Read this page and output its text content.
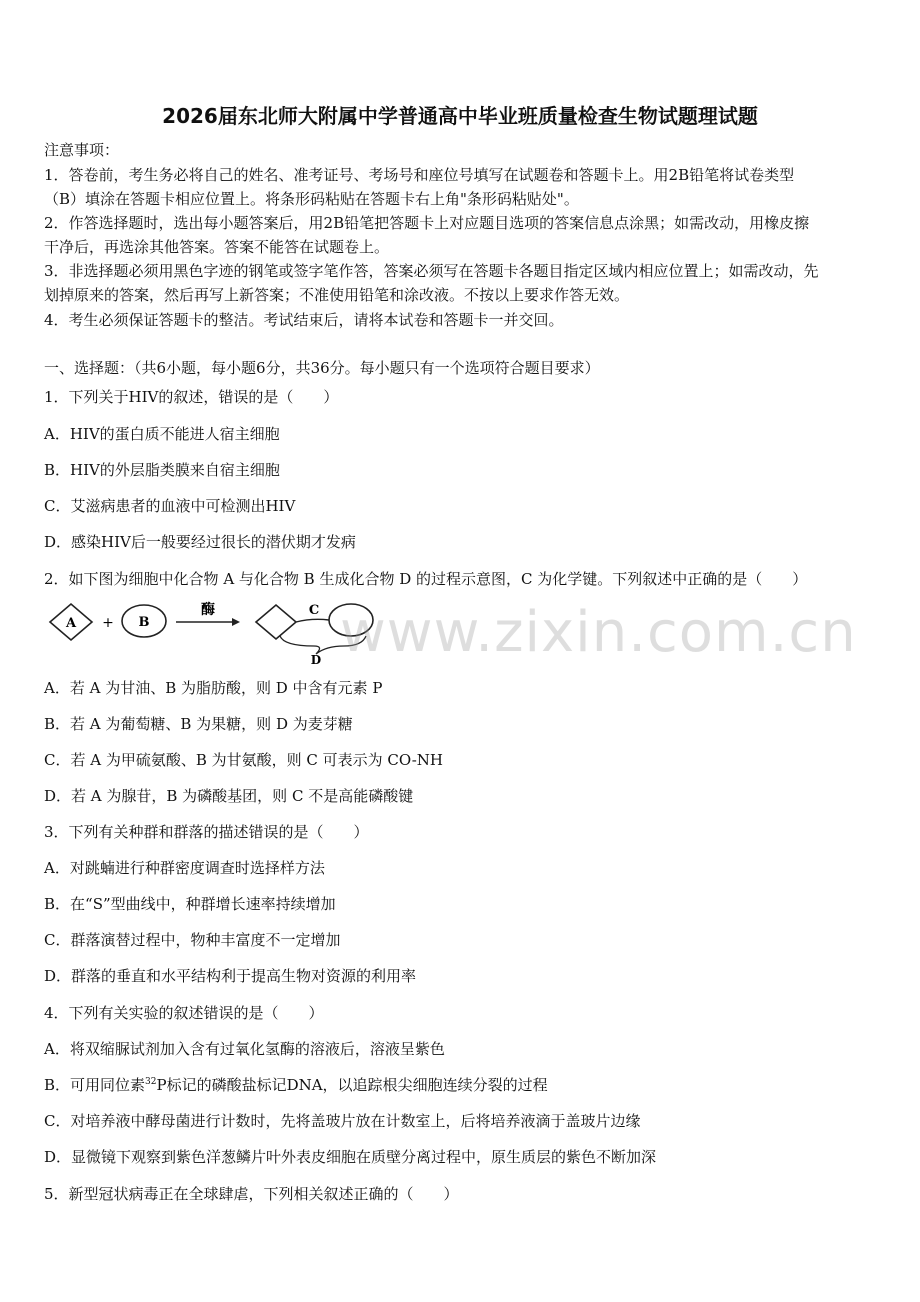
2026届东北师大附属中学普通高中毕业班质量检查生物试题理试题
注意事项：
1．答卷前，考生务必将自己的姓名、准考证号、考场号和座位号填写在试题卷和答题卡上。用2B铅笔将试卷类型
（B）填涂在答题卡相应位置上。将条形码粘贴在答题卡右上角"条形码粘贴处"。
2．作答选择题时，选出每小题答案后，用2B铅笔把答题卡上对应题目选项的答案信息点涂黑；如需改动，用橡皮擦
干净后，再选涂其他答案。答案不能答在试题卷上。
3．非选择题必须用黑色字迹的钢笔或签字笔作答，答案必须写在答题卡各题目指定区域内相应位置上；如需改动，先
划掉原来的答案，然后再写上新答案；不准使用铅笔和涂改液。不按以上要求作答无效。
4．考生必须保证答题卡的整洁。考试结束后，请将本试卷和答题卡一并交回。
一、选择题：（共6小题，每小题6分，共36分。每小题只有一个选项符合题目要求）
1．下列关于HIV的叙述，错误的是（　　）
A．HIV的蛋白质不能进人宿主细胞
B．HIV的外层脂类膜来自宿主细胞
C．艾滋病患者的血液中可检测出HIV
D．感染HIV后一般要经过很长的潜伏期才发病
2．如下图为细胞中化合物 A 与化合物 B 生成化合物 D 的过程示意图，C 为化学键。下列叙述中正确的是（　　）
A + B
酶	C
D www.zixin.com.cn
A．若 A 为甘油、B 为脂肪酸，则 D 中含有元素 P
B．若 A 为葡萄糖、B 为果糖，则 D 为麦芽糖
C．若 A 为甲硫氨酸、B 为甘氨酸，则 C 可表示为 CO-NH
D．若 A 为腺苷，B 为磷酸基团，则 C 不是高能磷酸键
3．下列有关种群和群落的描述错误的是（　　）
A．对跳蝻进行种群密度调查时选择样方法
B．在“S”型曲线中，种群增长速率持续增加
C．群落演替过程中，物种丰富度不一定增加
D．群落的垂直和水平结构利于提高生物对资源的利用率
4．下列有关实验的叙述错误的是（　　）
A．将双缩脲试剂加入含有过氧化氢酶的溶液后，溶液呈紫色
B．可用同位素$^{32}$P标记的磷酸盐标记DNA，以追踪根尖细胞连续分裂的过程
C．对培养液中酵母菌进行计数时，先将盖玻片放在计数室上，后将培养液滴于盖玻片边缘
D．显微镜下观察到紫色洋葱鳞片叶外表皮细胞在质壁分离过程中，原生质层的紫色不断加深
5．新型冠状病毒正在全球肆虐，下列相关叙述正确的（　　）
